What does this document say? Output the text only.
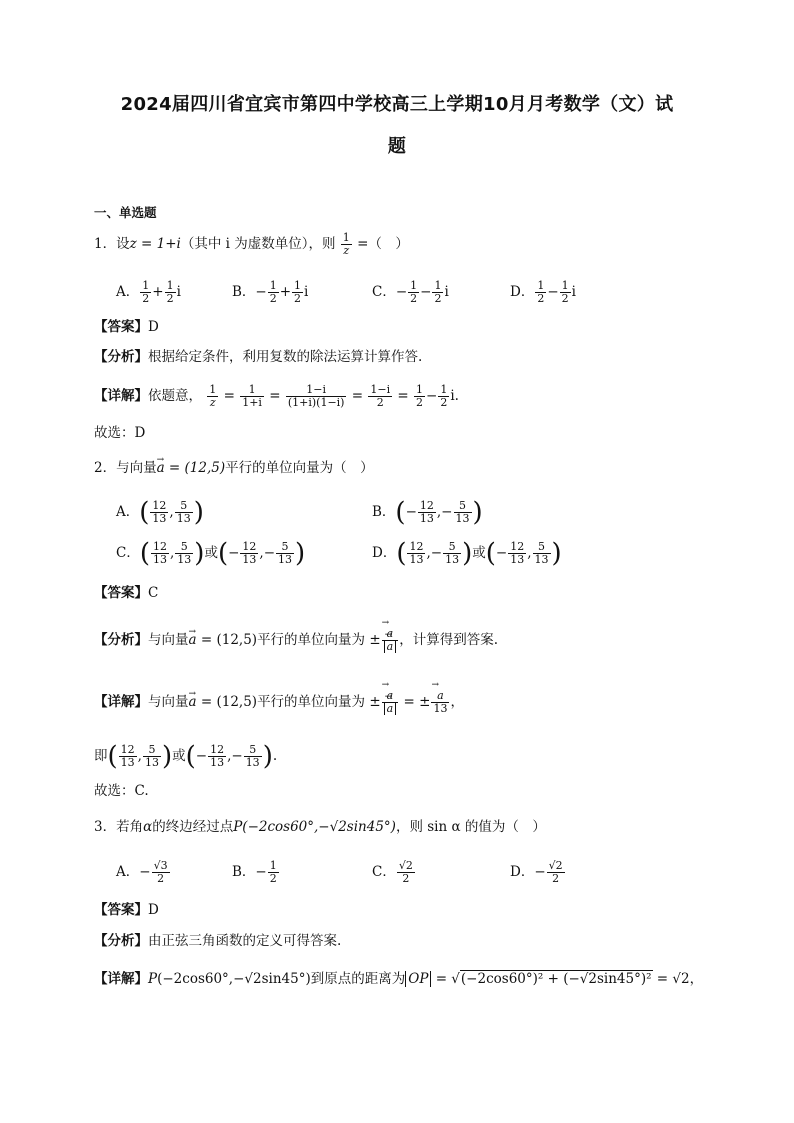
2024届四川省宜宾市第四中学校高三上学期10月月考数学（文）试
题
一、单选题
1．设z = 1+i（其中 i 为虚数单位），则 $\frac{1}{z}$ =（　）
A． $\frac{1}{2} + \frac{1}{2}$ i	B．− $\frac{1}{2} + \frac{1}{2}$ i	C．− $\frac{1}{2} - \frac{1}{2}$ i	D． $\frac{1}{2} - \frac{1}{2}$ i
【答案】D
【分析】根据给定条件，利用复数的除法运算计算作答.
【详解】依题意， $\frac{1}{z} = \frac{1}{1+i} = \frac{1-i}{(1+i)(1-i)} = \frac{1-i}{2} = \frac{1}{2} - \frac{1}{2} i$.
故选：D
2．与向量→ a = (12,5)平行的单位向量为（　）
A．( $\frac{12}{13}$ , $\frac{5}{13}$ )	B．(− $\frac{12}{13}$ ,− $\frac{5}{13}$ )
C．( $\frac{12}{13}$ , $\frac{5}{13}$ )或(− $\frac{12}{13}$ ,− $\frac{5}{13}$ )	D．( $\frac{12}{13}$ ,− $\frac{5}{13}$ )或(− $\frac{12}{13}$ , $\frac{5}{13}$ )
【答案】C
【分析】与向量→ a = (12,5)平行的单位向量为 ± → a
→ a ，计算得到答案.
【详解】与向量→ a = (12,5)平行的单位向量为 ± → a
→ a = ± → $\frac{a}{13}$ ，
即( $\frac{12}{13}$ , $\frac{5}{13}$ )或(− $\frac{12}{13}$ ,− $\frac{5}{13}$ ).
故选：C.
3．若角α的终边经过点P(−2cos60°,−√2sin45°)，则 sin α 的值为（　）
A．− $\frac{√3}{2}$	B．− $\frac{1}{2}$	C． $\frac{√2}{2}$	D．− $\frac{√2}{2}$
【答案】D
【分析】由正弦三角函数的定义可得答案.
【详解】P(−2cos60°,−√2sin45°)到原点的距离为 OP = √(−2cos60°)² + (−√2sin45°)² = √2，
